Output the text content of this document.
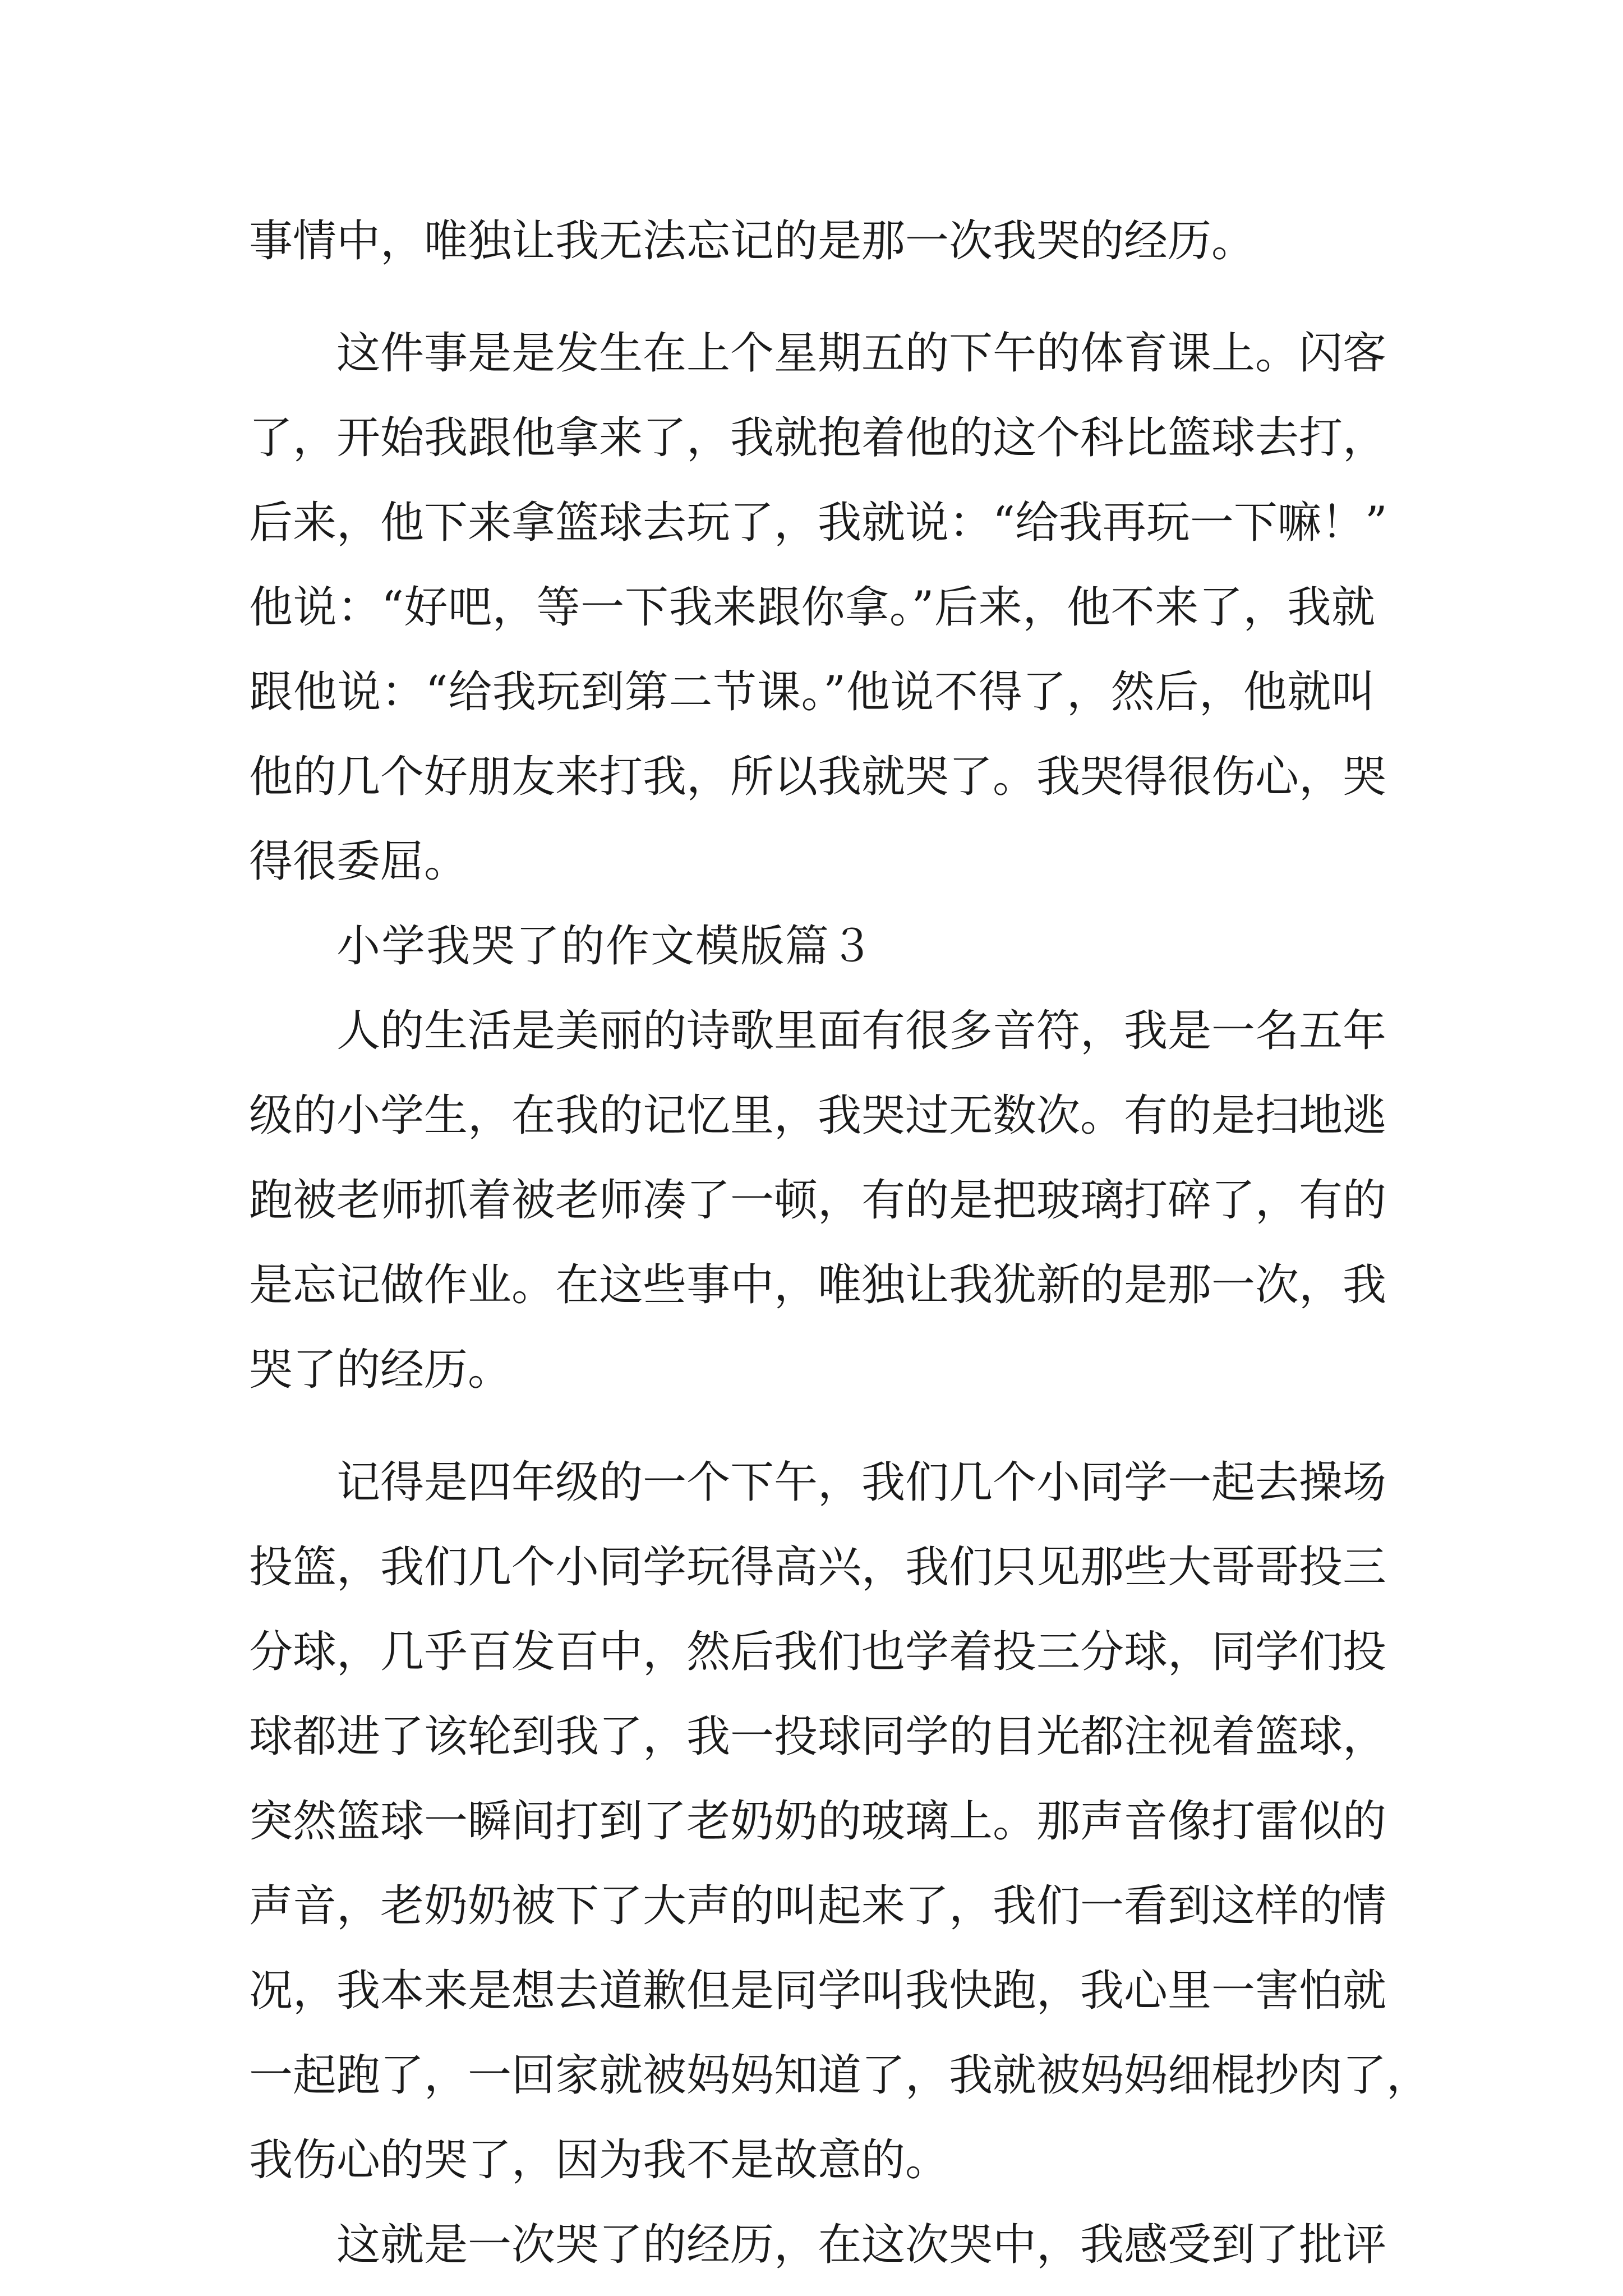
事情中，唯独让我无法忘记的是那一次我哭的经历。
这件事是是发生在上个星期五的下午的体育课上。闪客
了，开始我跟他拿来了，我就抱着他的这个科比篮球去打，
后来，他下来拿篮球去玩了，我就说：“给我再玩一下嘛！”
他说：“好吧，等一下我来跟你拿。”后来，他不来了，我就
跟他说：“给我玩到第二节课。”他说不得了，然后，他就叫
他的几个好朋友来打我，所以我就哭了。我哭得很伤心，哭
得很委屈。
小学我哭了的作文模版篇３
人的生活是美丽的诗歌里面有很多音符，我是一名五年
级的小学生，在我的记忆里，我哭过无数次。有的是扫地逃
跑被老师抓着被老师凑了一顿，有的是把玻璃打碎了，有的
是忘记做作业。在这些事中，唯独让我犹新的是那一次，我
哭了的经历。
记得是四年级的一个下午，我们几个小同学一起去操场
投篮，我们几个小同学玩得高兴，我们只见那些大哥哥投三
分球，几乎百发百中，然后我们也学着投三分球，同学们投
球都进了该轮到我了，我一投球同学的目光都注视着篮球，
突然篮球一瞬间打到了老奶奶的玻璃上。那声音像打雷似的
声音，老奶奶被下了大声的叫起来了，我们一看到这样的情
况，我本来是想去道歉但是同学叫我快跑，我心里一害怕就
一起跑了，一回家就被妈妈知道了，我就被妈妈细棍抄肉了，
我伤心的哭了，因为我不是故意的。
这就是一次哭了的经历，在这次哭中，我感受到了批评
